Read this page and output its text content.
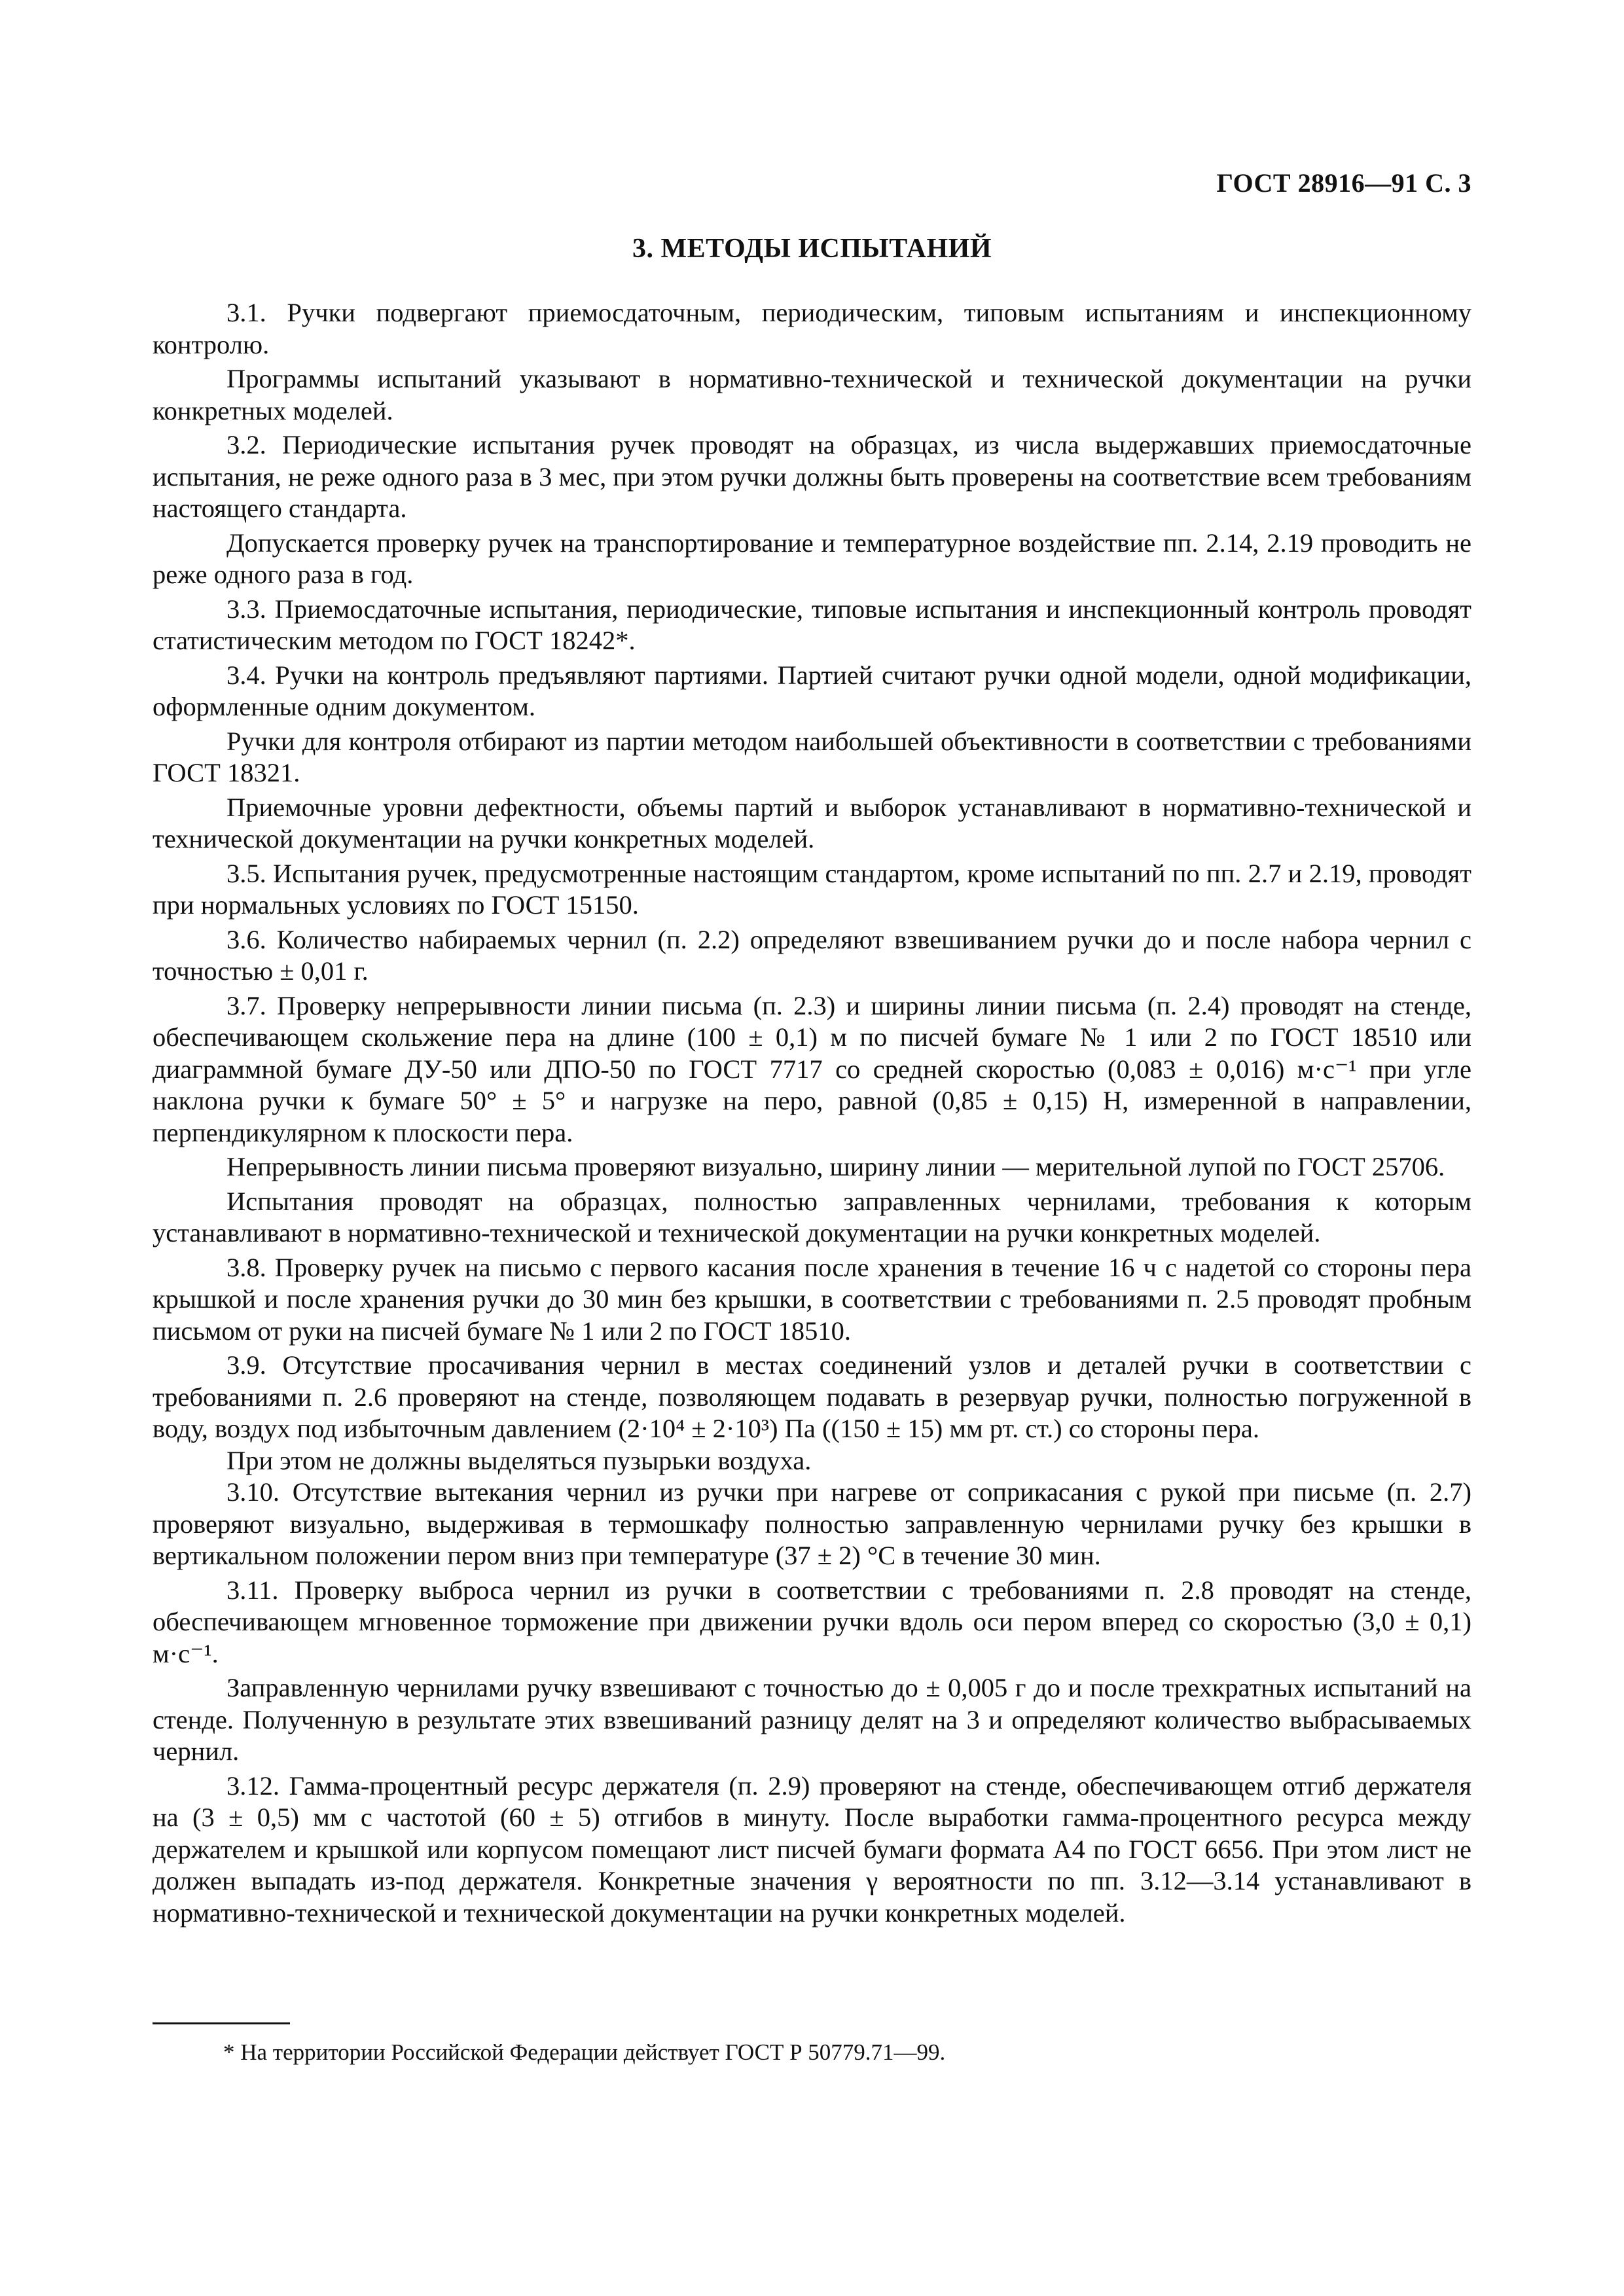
ГОСТ 28916—91 С. 3
3. МЕТОДЫ ИСПЫТАНИЙ

3.1. Ручки подвергают приемосдаточным, периодическим, типовым испытаниям и инспекционному контролю.

Программы испытаний указывают в нормативно-технической и технической документации на ручки конкретных моделей.

3.2. Периодические испытания ручек проводят на образцах, из числа выдержавших приемосдаточные испытания, не реже одного раза в 3 мес, при этом ручки должны быть проверены на соответствие всем требованиям настоящего стандарта.

Допускается проверку ручек на транспортирование и температурное воздействие пп. 2.14, 2.19 проводить не реже одного раза в год.

3.3. Приемосдаточные испытания, периодические, типовые испытания и инспекционный контроль проводят статистическим методом по ГОСТ 18242*.

3.4. Ручки на контроль предъявляют партиями. Партией считают ручки одной модели, одной модификации, оформленные одним документом.

Ручки для контроля отбирают из партии методом наибольшей объективности в соответствии с требованиями ГОСТ 18321.

Приемочные уровни дефектности, объемы партий и выборок устанавливают в нормативно-технической и технической документации на ручки конкретных моделей.

3.5. Испытания ручек, предусмотренные настоящим стандартом, кроме испытаний по пп. 2.7 и 2.19, проводят при нормальных условиях по ГОСТ 15150.

3.6. Количество набираемых чернил (п. 2.2) определяют взвешиванием ручки до и после набора чернил с точностью ± 0,01 г.

3.7. Проверку непрерывности линии письма (п. 2.3) и ширины линии письма (п. 2.4) проводят на стенде, обеспечивающем скольжение пера на длине (100 ± 0,1) м по писчей бумаге № 1 или 2 по ГОСТ 18510 или диаграммной бумаге ДУ-50 или ДПО-50 по ГОСТ 7717 со средней скоростью (0,083 ± 0,016) м·с⁻¹ при угле наклона ручки к бумаге 50° ± 5° и нагрузке на перо, равной (0,85 ± 0,15) Н, измеренной в направлении, перпендикулярном к плоскости пера.

Непрерывность линии письма проверяют визуально, ширину линии — мерительной лупой по ГОСТ 25706.

Испытания проводят на образцах, полностью заправленных чернилами, требования к которым устанавливают в нормативно-технической и технической документации на ручки конкретных моделей.

3.8. Проверку ручек на письмо с первого касания после хранения в течение 16 ч с надетой со стороны пера крышкой и после хранения ручки до 30 мин без крышки, в соответствии с требованиями п. 2.5 проводят пробным письмом от руки на писчей бумаге № 1 или 2 по ГОСТ 18510.

3.9. Отсутствие просачивания чернил в местах соединений узлов и деталей ручки в соответствии с требованиями п. 2.6 проверяют на стенде, позволяющем подавать в резервуар ручки, полностью погруженной в воду, воздух под избыточным давлением (2·10⁴ ± 2·10³) Па ((150 ± 15) мм рт. ст.) со стороны пера.

При этом не должны выделяться пузырьки воздуха.

3.10. Отсутствие вытекания чернил из ручки при нагреве от соприкасания с рукой при письме (п. 2.7) проверяют визуально, выдерживая в термошкафу полностью заправленную чернилами ручку без крышки в вертикальном положении пером вниз при температуре (37 ± 2) °С в течение 30 мин.

3.11. Проверку выброса чернил из ручки в соответствии с требованиями п. 2.8 проводят на стенде, обеспечивающем мгновенное торможение при движении ручки вдоль оси пером вперед со скоростью (3,0 ± 0,1) м·с⁻¹.

Заправленную чернилами ручку взвешивают с точностью до ± 0,005 г до и после трехкратных испытаний на стенде. Полученную в результате этих взвешиваний разницу делят на 3 и определяют количество выбрасываемых чернил.

3.12. Гамма-процентный ресурс держателя (п. 2.9) проверяют на стенде, обеспечивающем отгиб держателя на (3 ± 0,5) мм с частотой (60 ± 5) отгибов в минуту. После выработки гамма-процентного ресурса между держателем и крышкой или корпусом помещают лист писчей бумаги формата А4 по ГОСТ 6656. При этом лист не должен выпадать из-под держателя. Конкретные значения γ вероятности по пп. 3.12—3.14 устанавливают в нормативно-технической и технической документации на ручки конкретных моделей.

* На территории Российской Федерации действует ГОСТ Р 50779.71—99.
